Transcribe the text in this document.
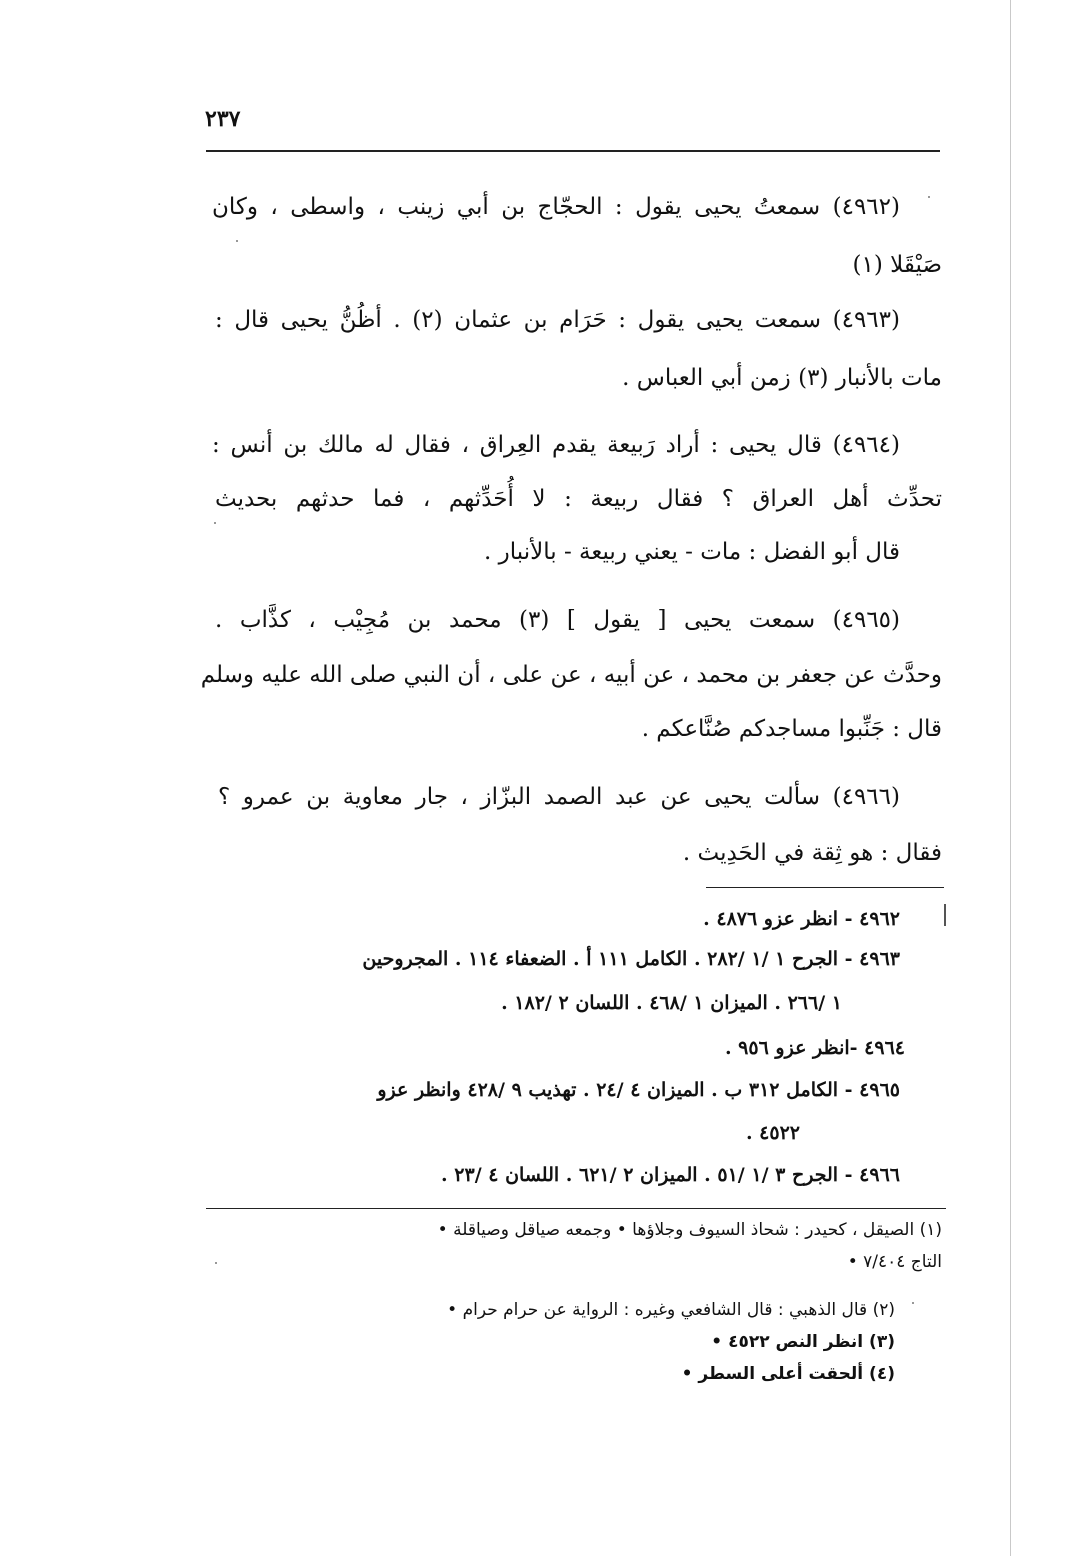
٢٣٧
(٤٩٦٢) سمعتُ يحيى يقول : الحجّاج بن أبي زينب ، واسطى ، وكان
صَيْقَلا (١)
(٤٩٦٣) سمعت يحيى يقول : حَرَام بن عثمان (٢) . أظُنُّ يحيى قال :
مات بالأنبار (٣) زمن أبي العباس .
(٤٩٦٤) قال يحيى : أراد رَبيعة يقدم العِراق ، فقال له مالك بن أنس :
تحدِّث أهل العراق ؟ فقال ربيعة : لا أُحَدِّثهم ، فما حدثهم بحديث
قال أبو الفضل : مات - يعني ربيعة - بالأنبار .
(٤٩٦٥) سمعت يحيى [ يقول ] (٣) محمد بن مُجِيْب ، كذَّاب .
وحدَّث عن جعفر بن محمد ، عن أبيه ، عن على ، أن النبي صلى الله عليه وسلم
قال : جَنِّبوا مساجدكم صُنَّاعكم .
(٤٩٦٦) سألت يحيى عن عبد الصمد البزّاز ، جار معاوية بن عمرو ؟
فقال : هو ثِقة في الحَدِيث .
٤٩٦٢ - انظر عزو ٤٨٧٦ .
٤٩٦٣ - الجرح ١ /١ /٢٨٢ . الكامل ١١١ أ . الضعفاء ١١٤ . المجروحين
١ /٢٦٦ . الميزان ١ /٤٦٨ . اللسان ٢ /١٨٢ .
٤٩٦٤ -انظر عزو ٩٥٦ .
٤٩٦٥ - الكامل ٣١٢ ب . الميزان ٤ /٢٤ . تهذيب ٩ /٤٢٨ وانظر عزو
٤٥٢٢ .
٤٩٦٦ - الجرح ٣ /١ /٥١ . الميزان ٢ /٦٢١ . اللسان ٤ /٢٣ .
(١) الصيقل ، كحيدر : شحاذ السيوف وجلاؤها • وجمعه صياقل وصياقلة •
التاج ٧/٤٠٤ •
(٢) قال الذهبي : قال الشافعي وغيره : الرواية عن حرام حرام •
(٣) انظر النص ٤٥٢٢ •
(٤) ألحقت أعلى السطر •
